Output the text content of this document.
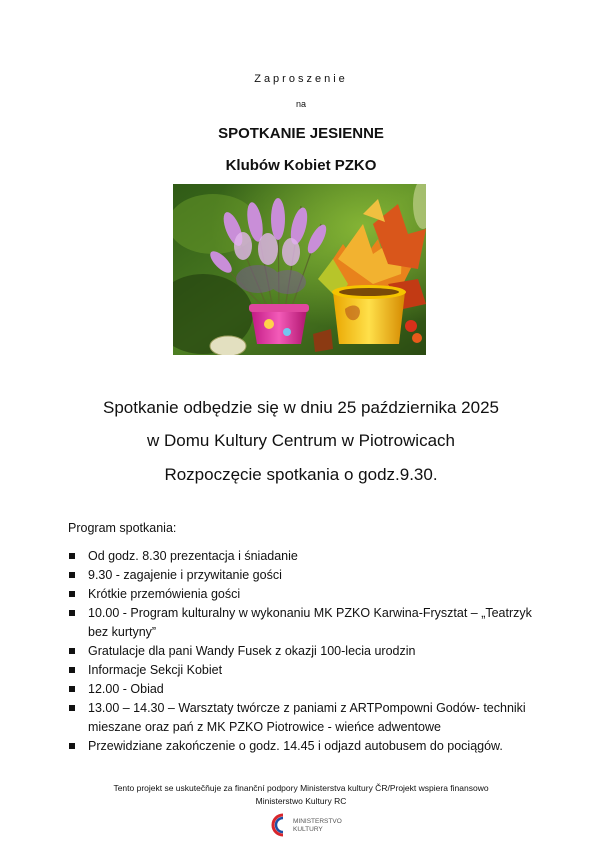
Zaproszenie
na
SPOTKANIE JESIENNE
Klubów Kobiet PZKO
Spotkanie odbędzie się w dniu 25 października 2025
w Domu Kultury Centrum w Piotrowicach
Rozpoczęcie spotkania o godz.9.30.
Program spotkania:
Od godz. 8.30 prezentacja i śniadanie
9.30 - zagajenie i przywitanie gości
Krótkie przemówienia gości
10.00 - Program kulturalny w wykonaniu MK PZKO Karwina-Frysztat – „Teatrzyk bez kurtyny”
Gratulacje dla pani Wandy Fusek z okazji 100-lecia urodzin
Informacje Sekcji Kobiet
12.00 - Obiad
13.00 – 14.30 – Warsztaty twórcze z paniami z ARTPompowni Godów- techniki mieszane oraz pań z MK PZKO Piotrowice - wieńce adwentowe
Przewidziane zakończenie o godz. 14.45 i odjazd autobusem do pociągów.
Tento projekt se uskutečňuje za finanční podpory Ministerstva kultury ČR/Projekt wspiera finansowo
Ministerstwo Kultury RC
MINISTERSTVO
KULTURY
